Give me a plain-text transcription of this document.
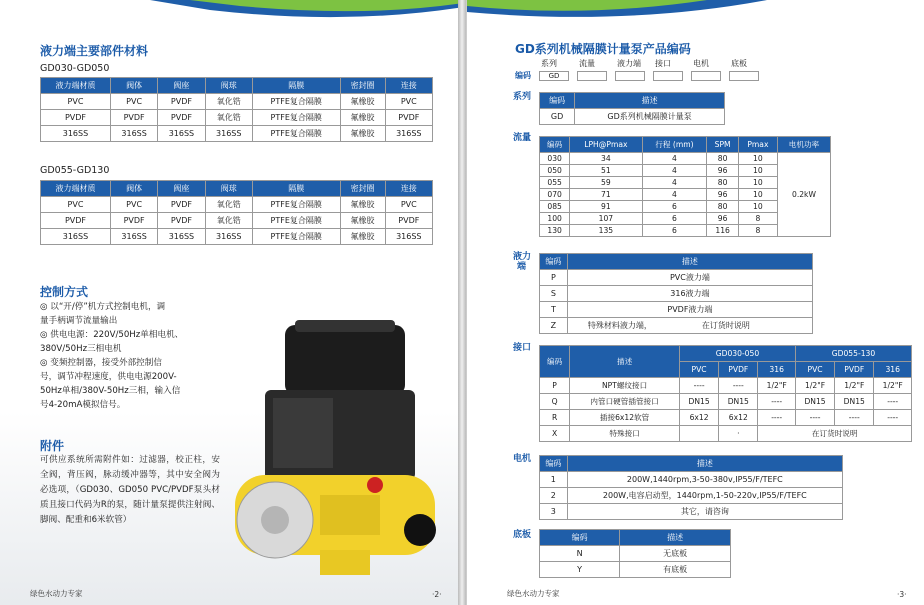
液力端主要部件材料
GD030-GD050
液力端材质	阀体	阀座	阀球	隔膜	密封圈	连接
PVC	PVC	PVDF	氧化锆	PTFE复合隔膜	氟橡胶	PVC
PVDF	PVDF	PVDF	氧化锆	PTFE复合隔膜	氟橡胶	PVDF
316SS	316SS	316SS	316SS	PTFE复合隔膜	氟橡胶	316SS
GD055-GD130
液力端材质	阀体	阀座	阀球	隔膜	密封圈	连接
PVC	PVC	PVDF	氧化锆	PTFE复合隔膜	氟橡胶	PVC
PVDF	PVDF	PVDF	氧化锆	PTFE复合隔膜	氟橡胶	PVDF
316SS	316SS	316SS	316SS	PTFE复合隔膜	氟橡胶	316SS
控制方式
◎ 以“开/停”机方式控制电机，调
量手柄调节流量输出
◎ 供电电源：220V/50Hz单相电机、
380V/50Hz三相电机
◎ 变频控制器，接受外部控制信
号，调节冲程速度，供电电源200V-
50Hz单相/380V-50Hz三相，输入信
号4-20mA模拟信号。
附件
可供应系统所需附件如：过滤器，校正柱，安全阀，背压阀，脉动缓冲器等，其中安全阀为必选项，（GD030、GD050 PVC/PVDF泵头材质且接口代码为R的泵，随计量泵提供注射阀、脚阀、配重和6米软管）
绿色水动力专家	·2·
GD系列机械隔膜计量泵产品编码
编码
系列
GD
流量	液力端 接口	电机	底板
系列 编码	描述
GD	GD系列机械隔膜计量泵
流量
编码	LPH@Pmax	行程 (mm)	SPM	Pmax	电机功率
030	34	4	80	10	0.2kW
050	51	4	96	10	
055	59	4	80	10	
070	71	4	96	10	
085	91	6	80	10	
100	107	6	96	8	
130	135	6	116	8	
液力
端
编码	描述
P	PVC液力端
S	316液力端
T	PVDF液力端
Z	特殊材料液力端， 在订货时说明
接口
编码	描述	GD030-050			GD055-130		
		PVC	PVDF	316	PVC	PVDF	316
P	NPT螺纹接口	----	----	1/2"F	1/2"F	1/2"F	1/2"F
Q	内管口硬管插管接口	DN15	DN15	----	DN15	DN15	----
R	插接6x12软管	6x12	6x12	----	----	----	----
X	特殊接口		·	在订货时说明			
电机 编码	描述
1	200W,1440rpm,3-50-380v,IP55/F/TEFC
2	200W,电容启动型，1440rpm,1-50-220v,IP55/F/TEFC
3	其它，请咨询
底板	编码	描述
N	无底板
Y	有底板
绿色水动力专家	·3·
